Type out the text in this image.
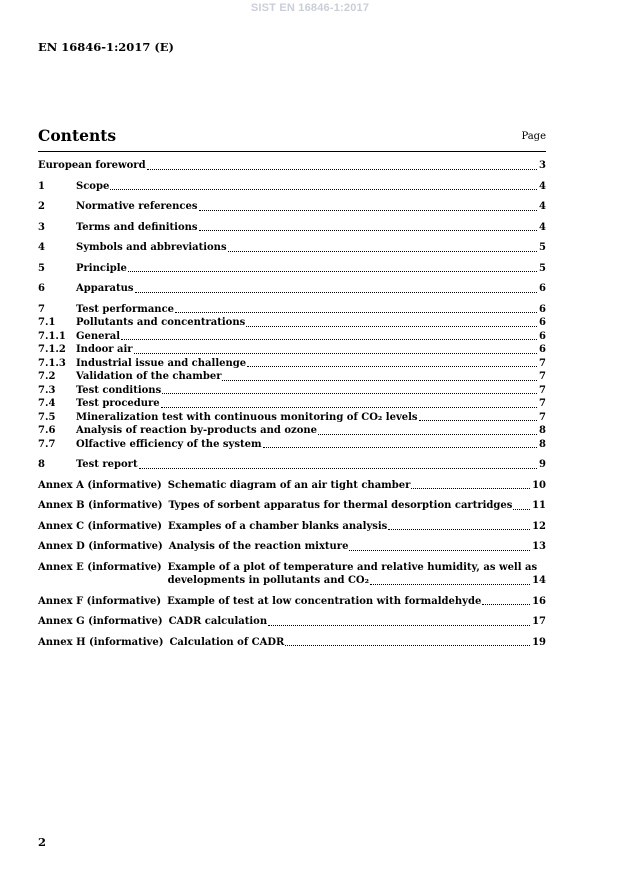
SIST EN 16846-1:2017
EN 16846-1:2017 (E)
Contents	Page
European foreword	3
1	Scope	4
2	Normative references	4
3	Terms and definitions	4
4	Symbols and abbreviations	5
5	Principle	5
6	Apparatus	6
7	Test performance	6
7.1	Pollutants and concentrations	6
7.1.1	General	6
7.1.2	Indoor air	6
7.1.3	Industrial issue and challenge	7
7.2	Validation of the chamber	7
7.3	Test conditions	7
7.4	Test procedure	7
7.5	Mineralization test with continuous monitoring of CO₂ levels	7
7.6	Analysis of reaction by-products and ozone	8
7.7	Olfactive efficiency of the system	8
8	Test report	9
Annex A (informative) Schematic diagram of an air tight chamber	10
Annex B (informative) Types of sorbent apparatus for thermal desorption cartridges 11
Annex C (informative) Examples of a chamber blanks analysis	12
Annex D (informative) Analysis of the reaction mixture	13
Annex E (informative) Example of a plot of temperature and relative humidity, as well as
developments in pollutants and CO₂	14
Annex F (informative) Example of test at low concentration with formaldehyde	16
Annex G (informative) CADR calculation	17
Annex H (informative) Calculation of CADR	19
2
